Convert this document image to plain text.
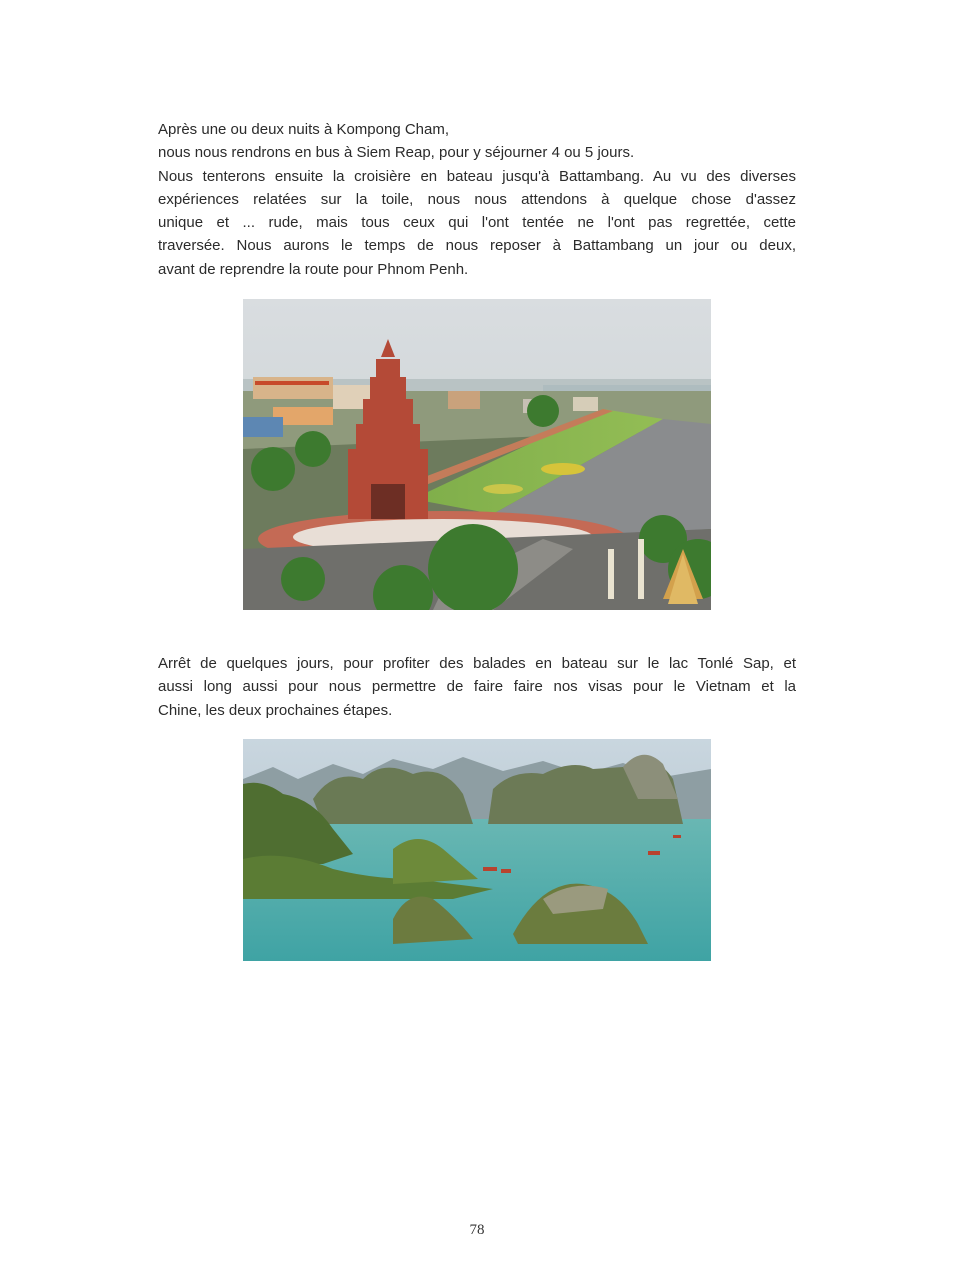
Après une ou deux nuits à Kompong Cham,
nous nous rendrons en bus à Siem Reap, pour y séjourner 4 ou 5 jours.
Nous tenterons ensuite la croisière en bateau jusqu'à Battambang. Au vu des diverses
expériences relatées sur la toile, nous nous attendons à quelque chose d'assez
unique et ... rude, mais tous ceux qui l'ont tentée ne l'ont pas regrettée, cette
traversée. Nous aurons le temps de nous reposer à Battambang un jour ou deux,
avant de reprendre la route pour Phnom Penh.

Arrêt de quelques jours, pour profiter des balades en bateau sur le lac Tonlé Sap, et
aussi long aussi pour nous permettre de faire faire nos visas pour le Vietnam et la
Chine, les deux prochaines étapes.

78
